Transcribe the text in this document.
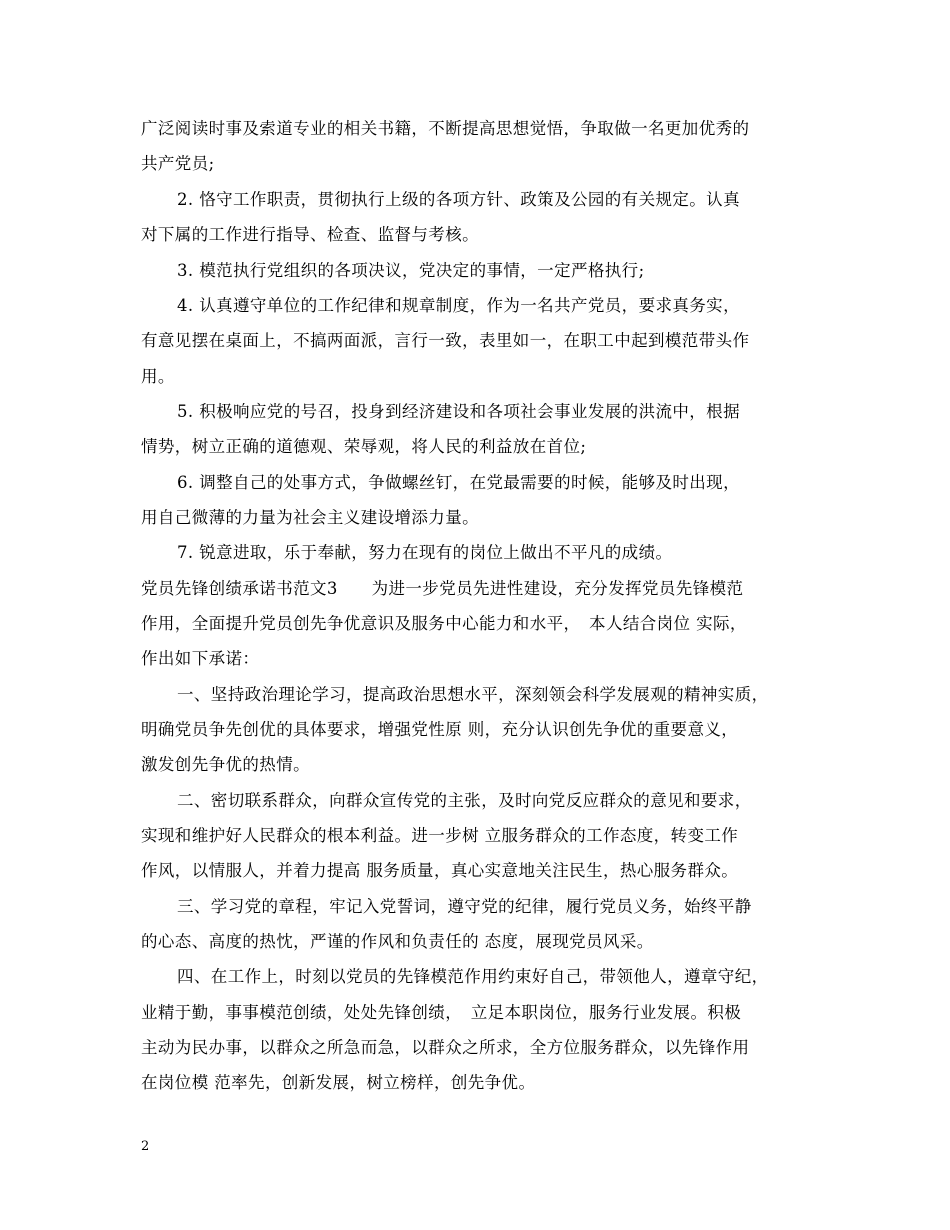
广泛阅读时事及索道专业的相关书籍，不断提高思想觉悟，争取做一名更加优秀的
共产党员;
2. 恪守工作职责，贯彻执行上级的各项方针、政策及公园的有关规定。认真
对下属的工作进行指导、检查、监督与考核。
3. 模范执行党组织的各项决议，党决定的事情，一定严格执行;
4. 认真遵守单位的工作纪律和规章制度，作为一名共产党员，要求真务实，
有意见摆在桌面上，不搞两面派，言行一致，表里如一，在职工中起到模范带头作
用。
5. 积极响应党的号召，投身到经济建设和各项社会事业发展的洪流中，根据
情势，树立正确的道德观、荣辱观，将人民的利益放在首位;
6. 调整自己的处事方式，争做螺丝钉，在党最需要的时候，能够及时出现，
用自己微薄的力量为社会主义建设增添力量。
7. 锐意进取，乐于奉献，努力在现有的岗位上做出不平凡的成绩。
党员先锋创绩承诺书范文3　　为进一步党员先进性建设，充分发挥党员先锋模范
作用，全面提升党员创先争优意识及服务中心能力和水平，　本人结合岗位 实际，
作出如下承诺：
一、坚持政治理论学习，提高政治思想水平，深刻领会科学发展观的精神实质，
明确党员争先创优的具体要求，增强党性原 则，充分认识创先争优的重要意义，
激发创先争优的热情。
二、密切联系群众，向群众宣传党的主张，及时向党反应群众的意见和要求，
实现和维护好人民群众的根本利益。进一步树 立服务群众的工作态度，转变工作
作风，以情服人，并着力提高 服务质量，真心实意地关注民生，热心服务群众。
三、学习党的章程，牢记入党誓词，遵守党的纪律，履行党员义务，始终平静
的心态、高度的热忱，严谨的作风和负责任的 态度，展现党员风采。
四、在工作上，时刻以党员的先锋模范作用约束好自己，带领他人，遵章守纪，
业精于勤，事事模范创绩，处处先锋创绩，　立足本职岗位，服务行业发展。积极
主动为民办事，以群众之所急而急，以群众之所求，全方位服务群众，以先锋作用
在岗位模 范率先，创新发展，树立榜样，创先争优。
2
